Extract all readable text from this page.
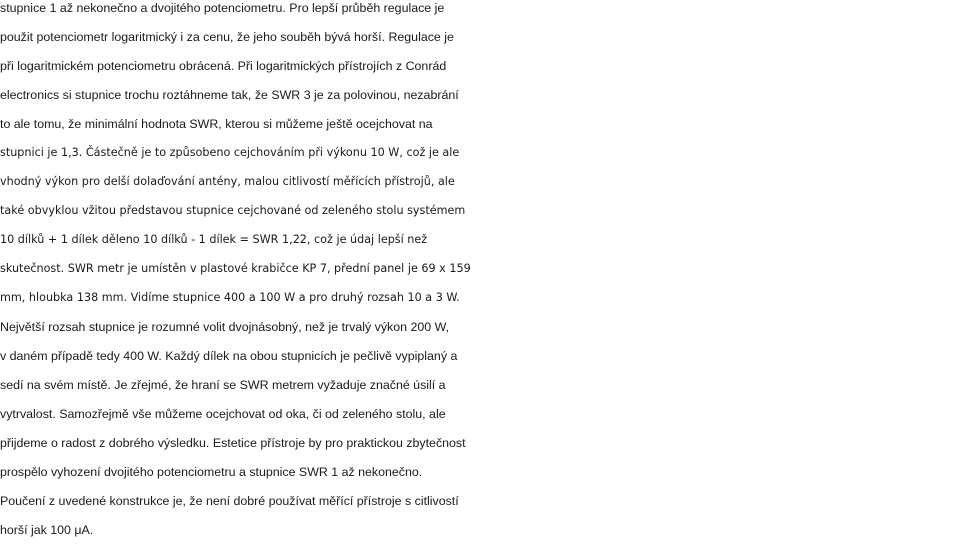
stupnice 1 až nekonečno a dvojitého potenciometru. Pro lepší průběh regulace je
použit potenciometr logaritmický i za cenu, že jeho souběh bývá horší. Regulace je
při logaritmickém potenciometru obrácená. Při logaritmických přístrojích z Conrád
electronics si stupnice trochu roztáhneme tak, že SWR 3 je za polovinou, nezabrání
to ale tomu, že minimální hodnota SWR, kterou si můžeme ještě ocejchovat na
stupnici je 1,3. Částečně je to způsobeno cejchováním při výkonu 10 W, což je ale
vhodný výkon pro delší dolaďování antény, malou citlivostí měřících přístrojů, ale
také obvyklou vžitou představou stupnice cejchované od zeleného stolu systémem
10 dílků + 1 dílek děleno 10 dílků - 1 dílek = SWR 1,22, což je údaj lepší než
skutečnost. SWR metr je umístěn v plastové krabičce KP 7, přední panel je 69 x 159
mm, hloubka 138 mm. Vidíme stupnice 400 a 100 W a pro druhý rozsah 10 a 3 W.
Největší rozsah stupnice je rozumné volit dvojnásobný, než je trvalý výkon 200 W,
v daném případě tedy 400 W. Každý dílek na obou stupnicích je pečlivě vypiplaný a
sedí na svém místě. Je zřejmé, že hraní se SWR metrem vyžaduje značné úsilí a
vytrvalost. Samozřejmě vše můžeme ocejchovat od oka, či od zeleného stolu, ale
přijdeme o radost z dobrého výsledku. Estetice přístroje by pro praktickou zbytečnost
prospělo vyhození dvojitého potenciometru a stupnice SWR 1 až nekonečno.
Poučení z uvedené konstrukce je, že není dobré používat měřící přístroje s citlivostí
horší jak 100 μA.
